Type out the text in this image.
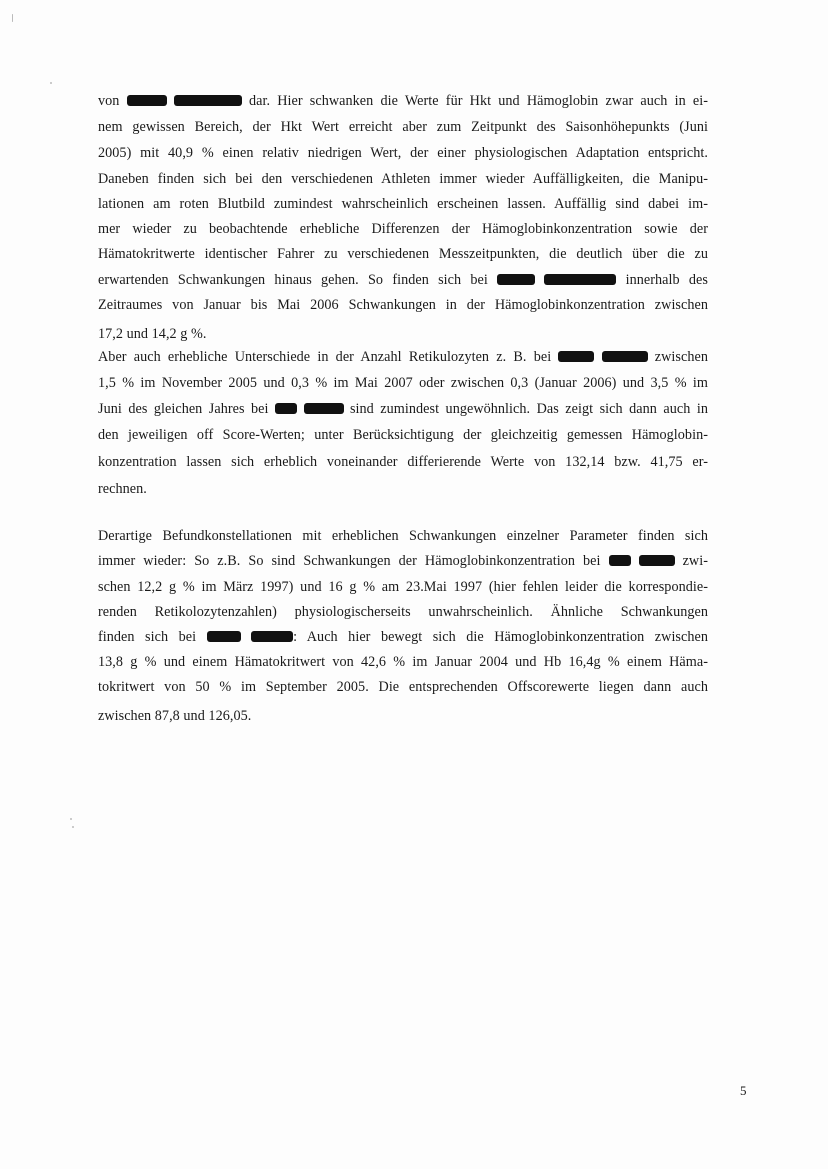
von	dar. Hier schwanken die Werte für Hkt und Hämoglobin zwar auch in ei-
nem gewissen Bereich, der Hkt Wert erreicht aber zum Zeitpunkt des Saisonhöhepunkts (Juni
2005) mit 40,9 % einen relativ niedrigen Wert, der einer physiologischen Adaptation entspricht.
Daneben finden sich bei den verschiedenen Athleten immer wieder Auffälligkeiten, die Manipu-
lationen am roten Blutbild zumindest wahrscheinlich erscheinen lassen. Auffällig sind dabei im-
mer wieder zu beobachtende erhebliche Differenzen der Hämoglobinkonzentration sowie der
Hämatokritwerte identischer Fahrer zu verschiedenen Messzeitpunkten, die deutlich über die zu
erwartenden Schwankungen hinaus gehen. So finden sich bei	innerhalb des
Zeitraumes von Januar bis Mai 2006 Schwankungen in der Hämoglobinkonzentration zwischen
17,2 und 14,2 g %.
Aber auch erhebliche Unterschiede in der Anzahl Retikulozyten z. B. bei	zwischen
1,5 % im November 2005 und 0,3 % im Mai 2007 oder zwischen 0,3 (Januar 2006) und 3,5 % im
Juni des gleichen Jahres bei	sind zumindest ungewöhnlich. Das zeigt sich dann auch in
den jeweiligen off Score-Werten; unter Berücksichtigung der gleichzeitig gemessen Hämoglobin-
konzentration lassen sich erheblich voneinander differierende Werte von 132,14 bzw. 41,75 er-
rechnen.
Derartige Befundkonstellationen mit erheblichen Schwankungen einzelner Parameter finden sich
immer wieder: So z.B. So sind Schwankungen der Hämoglobinkonzentration bei	zwi-
schen 12,2 g % im März 1997) und 16 g % am 23.Mai 1997 (hier fehlen leider die korrespondie-
renden Retikolozytenzahlen) physiologischerseits unwahrscheinlich. Ähnliche Schwankungen
finden sich bei	: Auch hier bewegt sich die Hämoglobinkonzentration zwischen
13,8 g % und einem Hämatokritwert von 42,6 % im Januar 2004 und Hb 16,4g % einem Häma-
tokritwert von 50 % im September 2005. Die entsprechenden Offscorewerte liegen dann auch
zwischen 87,8 und 126,05.
5
